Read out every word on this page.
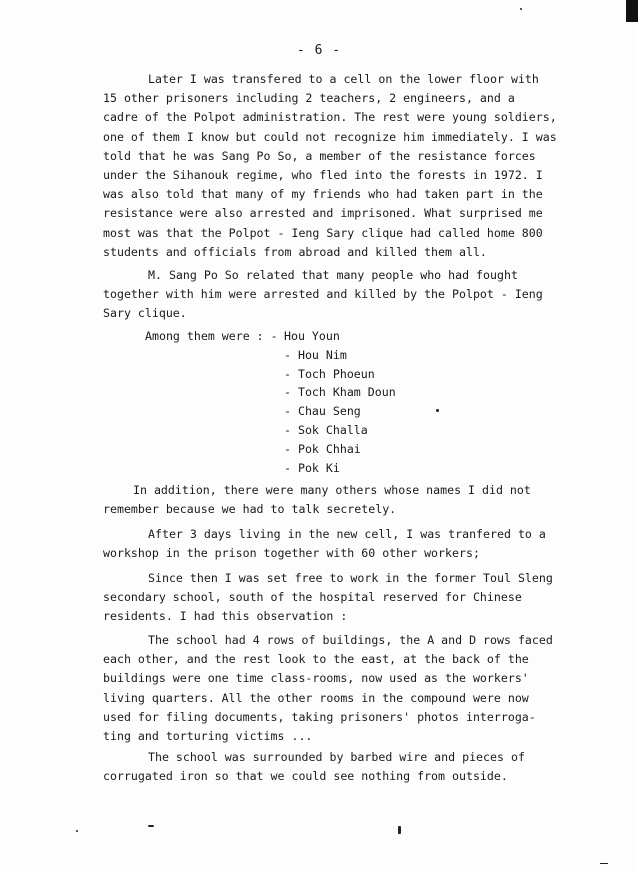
- 6 -
Later I was transfered to a cell on the lower floor with
15 other prisoners including 2 teachers, 2 engineers, and a
cadre of the Polpot administration. The rest were young soldiers,
one of them I know but could not recognize him immediately. I was
told that he was Sang Po So, a member of the resistance forces
under the Sihanouk regime, who fled into the forests in 1972. I
was also told that many of my friends who had taken part in the
resistance were also arrested and imprisoned. What surprised me
most was that the Polpot - Ieng Sary clique had called home 800
students and officials from abroad and killed them all.
M. Sang Po So related that many people who had fought
together with him were arrested and killed by the Polpot - Ieng
Sary clique.
Among them were : - Hou Youn
- Hou Nim
- Toch Phoeun
- Toch Kham Doun
- Chau Seng
- Sok Challa
- Pok Chhai
- Pok Ki
In addition, there were many others whose names I did not
remember because we had to talk secretely.
After 3 days living in the new cell, I was tranfered to a
workshop in the prison together with 60 other workers;
Since then I was set free to work in the former Toul Sleng
secondary school, south of the hospital reserved for Chinese
residents. I had this observation :
The school had 4 rows of buildings, the A and D rows faced
each other, and the rest look to the east, at the back of the
buildings were one time class-rooms, now used as the workers'
living quarters. All the other rooms in the compound were now
used for filing documents, taking prisoners' photos interroga-
ting and torturing victims ...
The school was surrounded by barbed wire and pieces of
corrugated iron so that we could see nothing from outside.
